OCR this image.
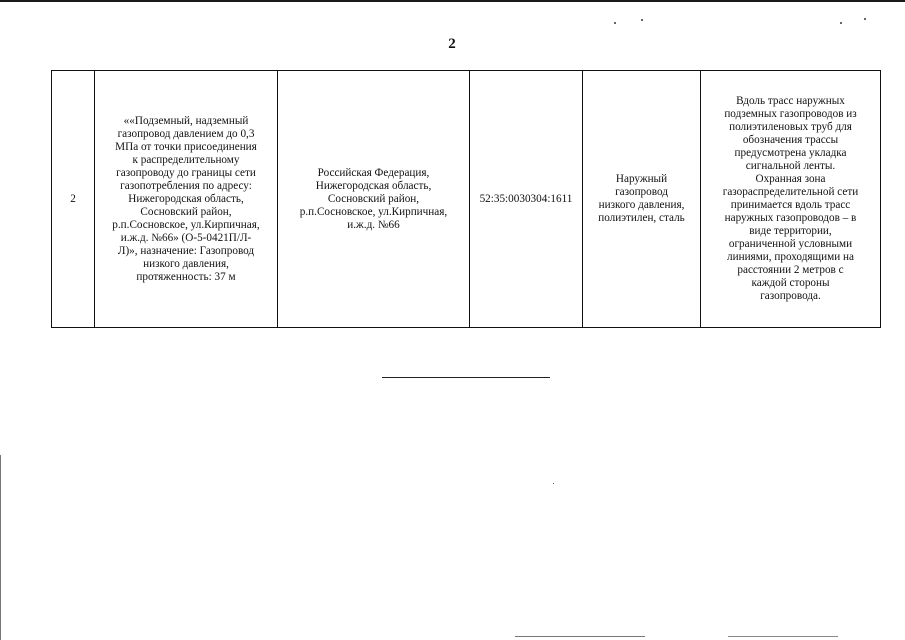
2
2	««Подземный, надземный
газопровод давлением до 0,3
МПа от точки присоединения
к распределительному
газопроводу до границы сети
газопотребления по адресу:
Нижегородская область,
Сосновский район,
р.п.Сосновское, ул.Кирпичная,
и.ж.д. №66» (О-5-0421П/Л-
Л)», назначение: Газопровод
низкого давления,
протяженность: 37 м	Российская Федерация,
Нижегородская область,
Сосновский район,
р.п.Сосновское, ул.Кирпичная,
и.ж.д. №66	52:35:0030304:1611	Наружный
газопровод
низкого давления,
полиэтилен, сталь	Вдоль трасс наружных
подземных газопроводов из
полиэтиленовых труб для
обозначения трассы
предусмотрена укладка
сигнальной ленты.
Охранная зона
газораспределительной сети
принимается вдоль трасс
наружных газопроводов – в
виде территории,
ограниченной условными
линиями, проходящими на
расстоянии 2 метров с
каждой стороны
газопровода.
